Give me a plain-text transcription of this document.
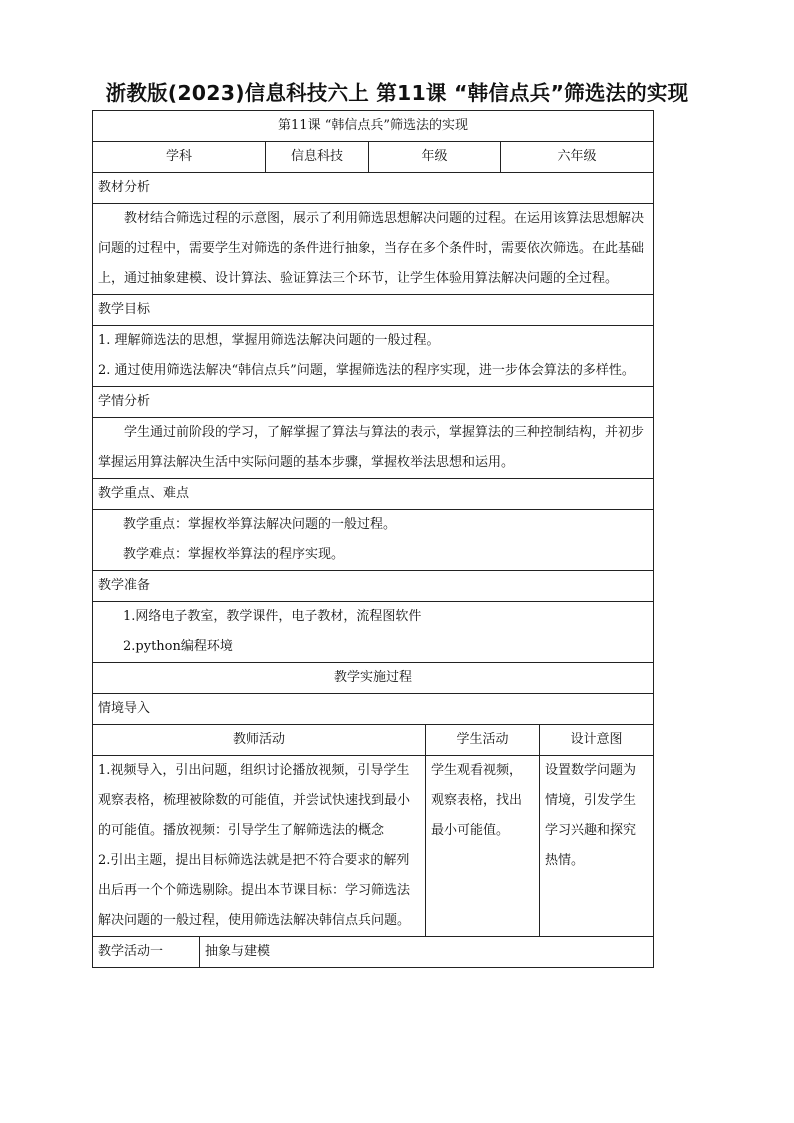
浙教版(2023)信息科技六上 第11课 “韩信点兵”筛选法的实现
第11课 “韩信点兵”筛选法的实现						
学科		信息科技	年级		六年级	
教材分析						
教材结合筛选过程的示意图，展示了利用筛选思想解决问题的过程。在运用该算法思想解决问题的过程中，需要学生对筛选的条件进行抽象，当存在多个条件时，需要依次筛选。在此基础上，通过抽象建模、设计算法、验证算法三个环节，让学生体验用算法解决问题的全过程。						
教学目标						

1. 理解筛选法的思想，掌握用筛选法解决问题的一般过程。
2. 通过使用筛选法解决“韩信点兵”问题，掌握筛选法的程序实现，进一步体会算法的多样性。						

学情分析						
学生通过前阶段的学习，了解掌握了算法与算法的表示，掌握算法的三种控制结构，并初步掌握运用算法解决生活中实际问题的基本步骤，掌握枚举法思想和运用。						
教学重点、难点						

教学重点：掌握枚举算法解决问题的一般过程。
教学难点：掌握枚举算法的程序实现。						

教学准备						

1.网络电子教室，教学课件，电子教材，流程图软件
2.python编程环境						

教学实施过程						
情境导入						
教师活动				学生活动		设计意图

1.视频导入，引出问题，组织讨论播放视频，引导学生观察表格，梳理被除数的可能值，并尝试快速找到最小的可能值。播放视频：引导学生了解筛选法的概念
2.引出主题，提出目标筛选法就是把不符合要求的解列出后再一个个筛选剔除。提出本节课目标：学习筛选法解决问题的一般过程，使用筛选法解决韩信点兵问题。				学生观看视频，观察表格，找出最小可能值。		设置数学问题为情境，引发学生学习兴趣和探究热情。
教学活动一	抽象与建模					
